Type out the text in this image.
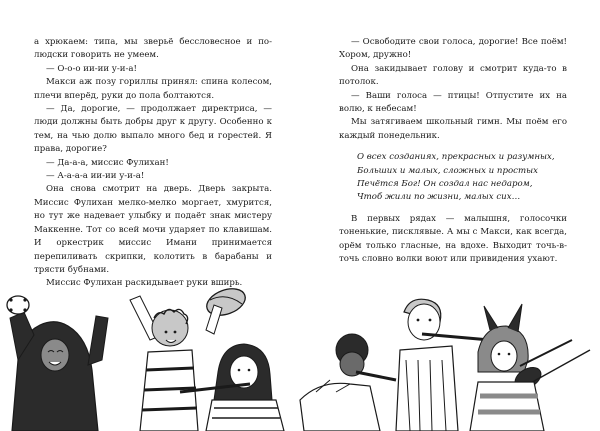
а хрюкаем: типа, мы зверьё бессловесное и по-людски говорить не умеем.

— О-о-о ии-ии у-и-а!

Макси аж позу гориллы принял: спина колесом, плечи вперёд, руки до пола болтаются.

— Да, дорогие, — продолжает директриса, — люди должны быть добры друг к другу. Особенно к тем, на чью долю выпало много бед и горестей. Я права, дорогие?

— Да-а-а, миссис Фулихан!

— А-а-а-а ии-ии у-и-а!

Она снова смотрит на дверь. Дверь закрыта. Миссис Фулихан мелко-мелко моргает, хмурится, но тут же надевает улыбку и подаёт знак мистеру Маккенне. Тот со всей мочи ударяет по клавишам. И оркестрик миссис Имани принимается перепиливать скрипки, колотить в барабаны и трясти бубнами.

Миссис Фулихан раскидывает руки вширь.

— Освободите свои голоса, дорогие! Все поём! Хором, дружно!

Она закидывает голову и смотрит куда-то в потолок.

— Ваши голоса — птицы! Отпустите их на волю, к небесам!

Мы затягиваем школьный гимн. Мы поём его каждый понедельник.

О всех созданиях, прекрасных и разумных,
Больших и малых, сложных и простых
Печётся Бог! Он создал нас недаром,
Чтоб жили по жизни, малых сих…

В первых рядах — малышня, голосочки тоненькие, писклявые. А мы с Макси, как всегда, орём только гласные, на вдохе. Выходит точь-в-точь словно волки воют или привидения ухают.
